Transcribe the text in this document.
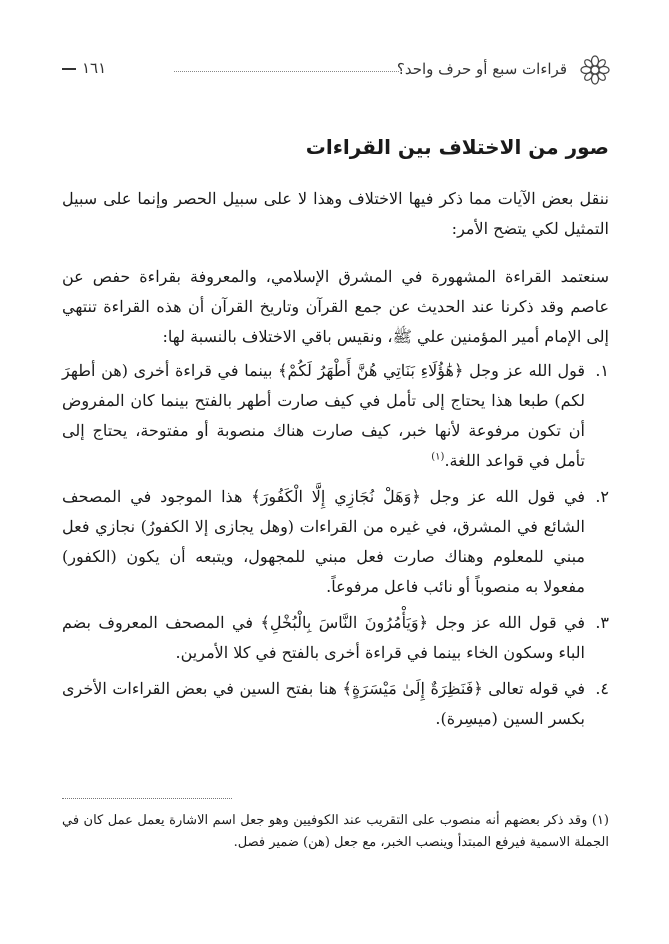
قراءات سبع أو حرف واحد؟
١٦١
صور من الاختلاف بين القراءات

ننقل بعض الآيات مما ذكر فيها الاختلاف وهذا لا على سبيل الحصر وإنما على سبيل التمثيل لكي يتضح الأمر:

سنعتمد القراءة المشهورة في المشرق الإسلامي، والمعروفة بقراءة حفص عن عاصم وقد ذكرنا عند الحديث عن جمع القرآن وتاريخ القرآن أن هذه القراءة تنتهي إلى الإمام أمير المؤمنين علي ﷺ، ونقيس باقي الاختلاف بالنسبة لها:

١.
قول الله عز وجل ﴿هَٰؤُلَاءِ بَنَاتِي هُنَّ أَطْهَرُ لَكُمْ﴾ بينما في قراءة أخرى (هن أطهرَ لكم) طبعا هذا يحتاج إلى تأمل في كيف صارت أطهر بالفتح بينما كان المفروض أن تكون مرفوعة لأنها خبر، كيف صارت هناك منصوبة أو مفتوحة، يحتاج إلى تأمل في قواعد اللغة.$^{(١)}$
٢.
في قول الله عز وجل ﴿وَهَلْ نُجَازِي إِلَّا الْكَفُورَ﴾ هذا الموجود في المصحف الشائع في المشرق، في غيره من القراءات (وهل يجازى إلا الكفورُ) نجازي فعل مبني للمعلوم وهناك صارت فعل مبني للمجهول، ويتبعه أن يكون (الكفور) مفعولا به منصوباً أو نائب فاعل مرفوعاً.
٣.
في قول الله عز وجل ﴿وَيَأْمُرُونَ النَّاسَ بِالْبُخْلِ﴾ في المصحف المعروف بضم الباء وسكون الخاء بينما في قراءة أخرى بالفتح في كلا الأمرين.
٤.
في قوله تعالى ﴿فَنَظِرَةٌ إِلَىٰ مَيْسَرَةٍ﴾ هنا بفتح السين في بعض القراءات الأخرى بكسر السين (ميسِرة).

(١) وقد ذكر بعضهم أنه منصوب على التقريب عند الكوفيين وهو جعل اسم الاشارة يعمل عمل كان في الجملة الاسمية فيرفع المبتدأ وينصب الخبر، مع جعل (هن) ضمير فصل.
